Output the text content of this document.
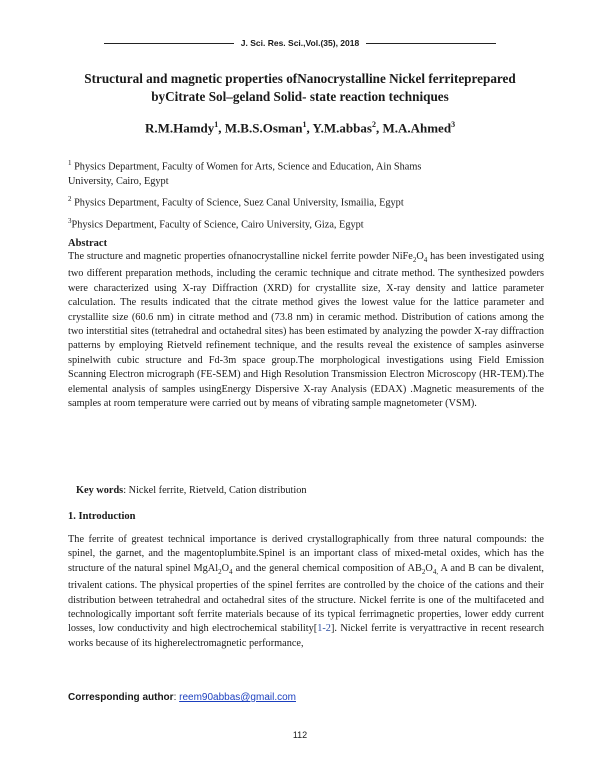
J. Sci. Res. Sci.,Vol.(35), 2018
Structural and magnetic properties ofNanocrystalline Nickel ferriteprepared
byCitrate Sol–geland Solid- state reaction techniques
R.M.Hamdy$^1$, M.B.S.Osman$^1$, Y.M.abbas$^2$, M.A.Ahmed$^3$

$^1$ Physics Department, Faculty of Women for Arts, Science and Education, Ain Shams
University, Cairo, Egypt

$^2$ Physics Department, Faculty of Science, Suez Canal University, Ismailia, Egypt

$^3$Physics Department, Faculty of Science, Cairo University, Giza, Egypt

Abstract

The structure and magnetic properties ofnanocrystalline nickel ferrite powder $NiFe_2O_4$ has been investigated using two different preparation methods, including the ceramic technique and citrate method. The synthesized powders were characterized using X-ray Diffraction (XRD) for crystallite size, X-ray density and lattice parameter calculation. The results indicated that the citrate method gives the lowest value for the lattice parameter and crystallite size (60.6 nm) in citrate method and (73.8 nm) in ceramic method. Distribution of cations among the two interstitial sites (tetrahedral and octahedral sites) has been estimated by analyzing the powder X-ray diffraction patterns by employing Rietveld refinement technique, and the results reveal the existence of samples asinverse spinelwith cubic structure and Fd-3m space group.The morphological investigations using Field Emission Scanning Electron micrograph (FE-SEM) and High Resolution Transmission Electron Microscopy (HR-TEM).The elemental analysis of samples usingEnergy Dispersive X-ray Analysis (EDAX) .Magnetic measurements of the samples at room temperature were carried out by means of vibrating sample magnetometer (VSM).

Key words: Nickel ferrite, Rietveld, Cation distribution
1. Introduction

The ferrite of greatest technical importance is derived crystallographically from three natural compounds: the spinel, the garnet, and the magentoplumbite.Spinel is an important class of mixed-metal oxides, which has the structure of the natural spinel $MgAl_2O_4$ and the general chemical composition of $AB_2O_{4,}$ A and B can be divalent, trivalent cations. The physical properties of the spinel ferrites are controlled by the choice of the cations and their distribution between tetrahedral and octahedral sites of the structure. Nickel ferrite is one of the multifaceted and technologically important soft ferrite materials because of its typical ferrimagnetic properties, lower eddy current losses, low conductivity and high electrochemical stability[1-2]. Nickel ferrite is veryattractive in recent research works because of its higherelectromagnetic performance,

Corresponding author: reem90abbas@gmail.com
112
